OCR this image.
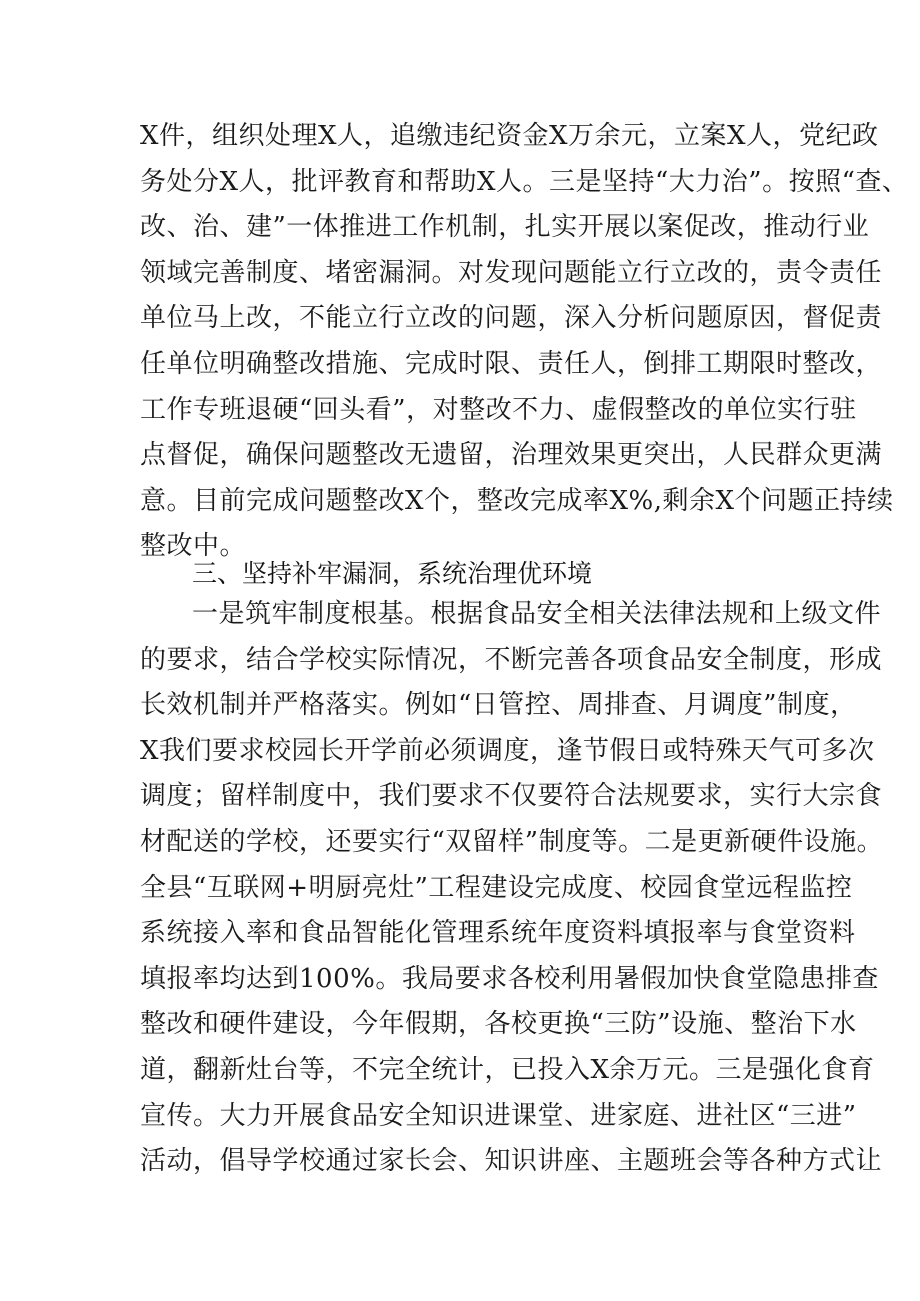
X件，组织处理X人，追缴违纪资金X万余元，立案X人，党纪政
务处分X人，批评教育和帮助X人。三是坚持“大力治”。按照“查、
改、治、建”一体推进工作机制，扎实开展以案促改，推动行业
领域完善制度、堵密漏洞。对发现问题能立行立改的，责令责任
单位马上改，不能立行立改的问题，深入分析问题原因，督促责
任单位明确整改措施、完成时限、责任人，倒排工期限时整改，
工作专班退硬“回头看”，对整改不力、虚假整改的单位实行驻
点督促，确保问题整改无遗留，治理效果更突出，人民群众更满
意。目前完成问题整改X个，整改完成率X%,剩余X个问题正持续
整改中。
三、坚持补牢漏洞，系统治理优环境
一是筑牢制度根基。根据食品安全相关法律法规和上级文件
的要求，结合学校实际情况，不断完善各项食品安全制度，形成
长效机制并严格落实。例如“日管控、周排查、月调度”制度，
X我们要求校园长开学前必须调度，逢节假日或特殊天气可多次
调度；留样制度中，我们要求不仅要符合法规要求，实行大宗食
材配送的学校，还要实行“双留样”制度等。二是更新硬件设施。
全县“互联网+明厨亮灶”工程建设完成度、校园食堂远程监控
系统接入率和食品智能化管理系统年度资料填报率与食堂资料
填报率均达到100%。我局要求各校利用暑假加快食堂隐患排查
整改和硬件建设，今年假期，各校更换“三防”设施、整治下水
道，翻新灶台等，不完全统计，已投入X余万元。三是强化食育
宣传。大力开展食品安全知识进课堂、进家庭、进社区“三进”
活动，倡导学校通过家长会、知识讲座、主题班会等各种方式让
